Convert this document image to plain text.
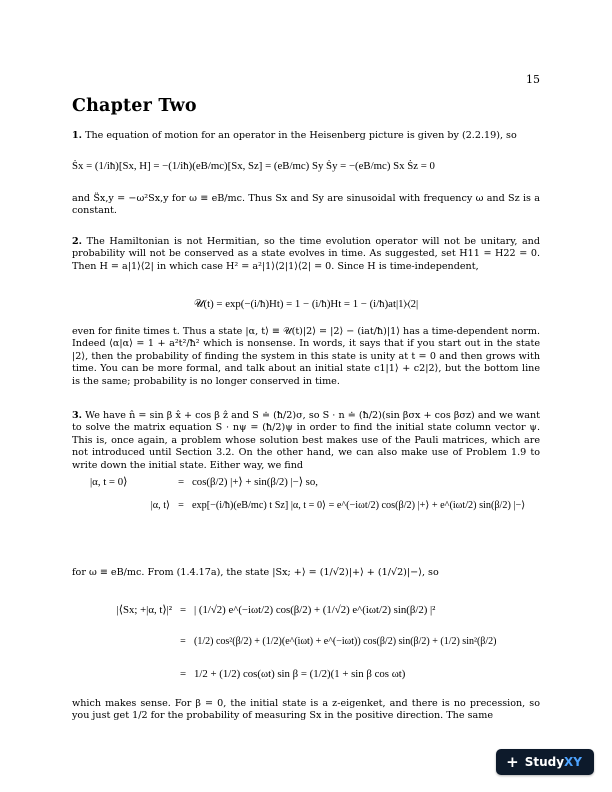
15
Chapter Two

1. The equation of motion for an operator in the Heisenberg picture is given by (2.2.19), so

Ṡx = (1/iħ)[Sx, H] = −(1/iħ)(eB/mc)[Sx, Sz] = (eB/mc) Sy Ṡy = −(eB/mc) Sx Ṡz = 0

and S̈x,y = −ω²Sx,y for ω ≡ eB/mc. Thus Sx and Sy are sinusoidal with frequency ω and Sz is a constant.

2. The Hamiltonian is not Hermitian, so the time evolution operator will not be unitary, and probability will not be conserved as a state evolves in time. As suggested, set H11 = H22 = 0. Then H = a|1⟩⟨2| in which case H² = a²|1⟩⟨2|1⟩⟨2| = 0. Since H is time-independent,

𝒰(t) = exp(−(i/ħ)Ht) = 1 − (i/ħ)Ht = 1 − (i/ħ)at|1⟩⟨2|

even for finite times t. Thus a state |α, t⟩ ≡ 𝒰(t)|2⟩ = |2⟩ − (iat/ħ)|1⟩ has a time-dependent norm. Indeed ⟨α|α⟩ = 1 + a²t²/ħ² which is nonsense. In words, it says that if you start out in the state |2⟩, then the probability of finding the system in this state is unity at t = 0 and then grows with time. You can be more formal, and talk about an initial state c1|1⟩ + c2|2⟩, but the bottom line is the same; probability is no longer conserved in time.

3. We have n̂ = sin β x̂ + cos β ẑ and S ≐ (ħ/2)σ, so S · n ≐ (ħ/2)(sin βσx + cos βσz) and we want to solve the matrix equation S · nψ = (ħ/2)ψ in order to find the initial state column vector ψ. This is, once again, a problem whose solution best makes use of the Pauli matrices, which are not introduced until Section 3.2. On the other hand, we can also make use of Problem 1.9 to write down the initial state. Either way, we find

|α, t = 0⟩	= cos(β/2) |+⟩ + sin(β/2) |−⟩ so,
|α, t⟩ = exp[−(i/ħ)(eB/mc) t Sz] |α, t = 0⟩ = e^(−iωt/2) cos(β/2) |+⟩ + e^(iωt/2) sin(β/2) |−⟩

for ω ≡ eB/mc. From (1.4.17a), the state |Sx; +⟩ = (1/√2)|+⟩ + (1/√2)|−⟩, so

|⟨Sx; +|α, t⟩|² = | (1/√2) e^(−iωt/2) cos(β/2) + (1/√2) e^(iωt/2) sin(β/2) |²
= (1/2) cos²(β/2) + (1/2)(e^(iωt) + e^(−iωt)) cos(β/2) sin(β/2) + (1/2) sin²(β/2)
= 1/2 + (1/2) cos(ωt) sin β = (1/2)(1 + sin β cos ωt)

which makes sense. For β = 0, the initial state is a z-eigenket, and there is no precession, so you just get 1/2 for the probability of measuring Sx in the positive direction. The same

+ StudyXY
